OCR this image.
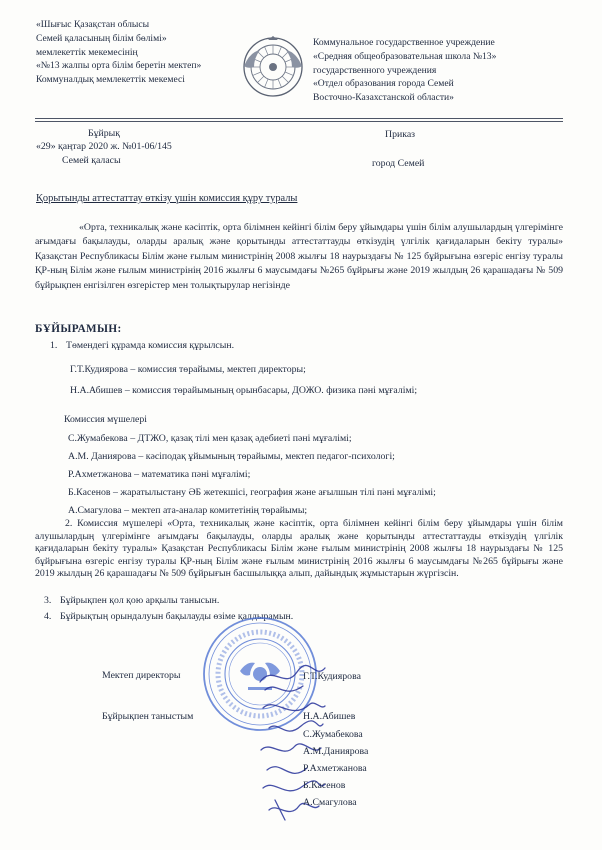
«Шығыс Қазақстан облысы
Семей қаласының білім бөлімі»
мемлекеттік мекемесінің
«№13 жалпы орта білім беретін мектеп»
Коммуналдық мемлекеттік мекемесі
Коммунальное государственное учреждение
«Средняя общеобразовательная школа №13»
государственного учреждения
«Отдел образования города Семей
Восточно-Казахстанской области»
Бұйрық	Приказ
«29» қаңтар 2020 ж. №01-06/145
Семей қаласы	город Семей
Қорытынды аттестаттау өткізу үшін комиссия құру туралы
«Орта, техникалық және кәсіптік, орта білімнен кейінгі білім беру ұйымдары үшін білім алушылардың үлгерімінге ағымдағы бақылауды, оларды аралық және қорытынды аттестаттауды өткізудің үлгілік қағидаларын бекіту туралы» Қазақстан Республикасы Білім және ғылым министрінің 2008 жылғы 18 наурыздағы № 125 бұйрығына өзгеріс енгізу туралы ҚР-ның Білім және ғылым министрінің 2016 жылғы 6 маусымдағы №265 бұйрығы және 2019 жылдың 26 қарашадағы № 509 бұйрықпен енгізілген өзгерістер мен толықтырулар негізінде
БҰЙЫРАМЫН:
1. Төмендегі құрамда комиссия құрылсын.
Г.Т.Кудиярова – комиссия төрайымы, мектеп директоры;
Н.А.Абишев – комиссия төрайымының орынбасары, ДОЖО. физика пәні мұғалімі;
Комиссия мүшелері
С.Жумабекова – ДТЖО, қазақ тілі мен қазақ әдебиеті пәні мұғалімі;
А.М. Данияровa – кәсіподақ ұйымының төрайымы, мектеп педагог-психологі;
Р.Ахметжанова – математика пәні мұғалімі;
Б.Кaсенов – жаратылыстану ӘБ жетекшісі, география және ағылшын тілі пәні мұғалімі;
А.Смагулова – мектеп ата-аналар комитетінің төрайымы;
2. Комиссия мүшелері «Орта, техникалық және кәсіптік, орта білімнен кейінгі білім беру ұйымдары үшін білім алушылардың үлгерімінге ағымдағы бақылауды, оларды аралық және қорытынды аттестаттауды өткізудің үлгілік қағидаларын бекіту туралы» Қазақстан Республикасы Білім және ғылым министрінің 2008 жылғы 18 наурыздағы № 125 бұйрығына өзгеріс енгізу туралы ҚР-ның Білім және ғылым министрінің 2016 жылғы 6 маусымдағы №265 бұйрығы және 2019 жылдың 26 қарашадағы № 509 бұйрығын басшылыққа алып, дайындық жұмыстарын жүргізсін.
3. Бұйрықпен қол қою арқылы танысын.
4. Бұйрықтың орындалуын бақылауды өзіме қалдырамын.
Мектеп директоры	Г.Т.Кудиярова
Бұйрықпен таныстым	Н.А.Абишев
С.Жумабекова
А.М.Даниярова
Р.Ахметжанова
Б.Касенов
А.Смагулова
